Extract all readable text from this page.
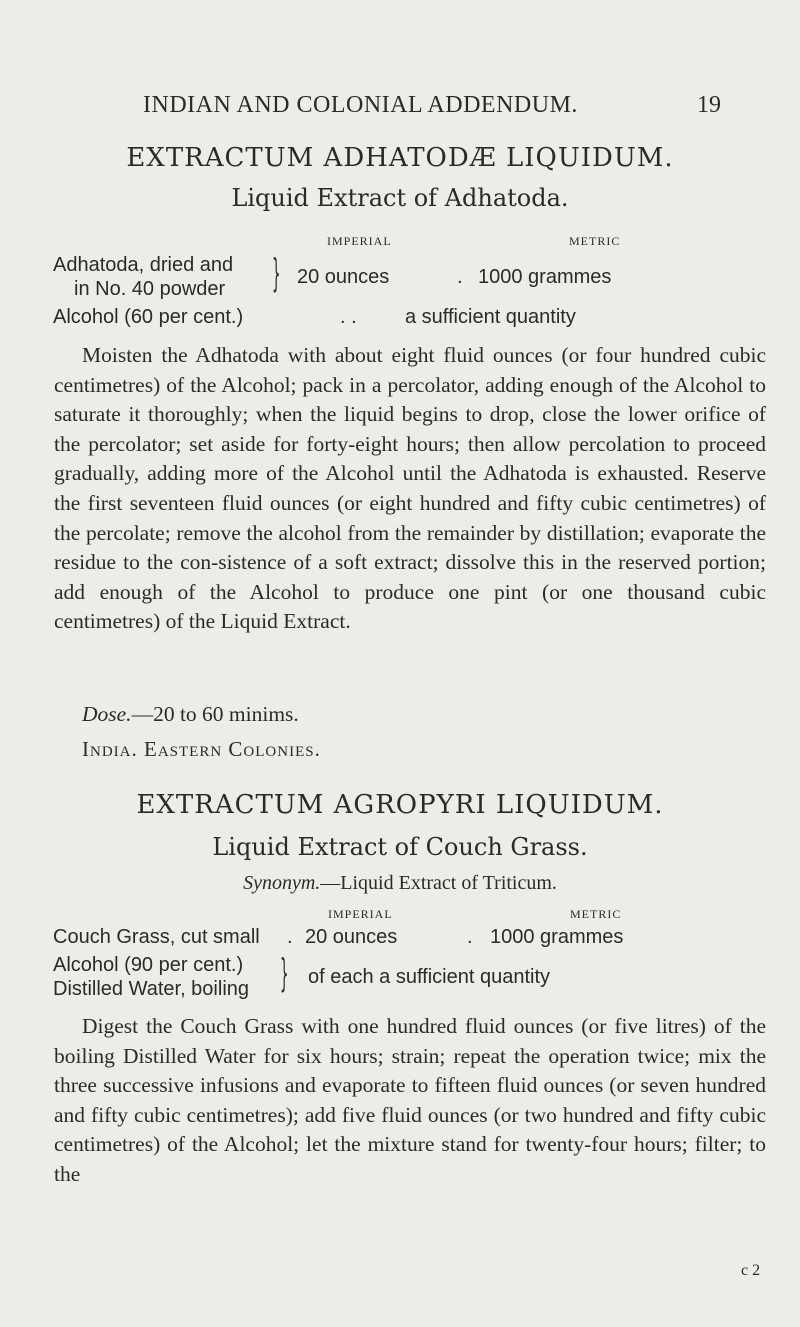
INDIAN AND COLONIAL ADDENDUM.	19
EXTRACTUM ADHATODÆ LIQUIDUM.
Liquid Extract of Adhatoda.
IMPERIAL	METRIC
Adhatoda, dried and
in No. 40 powder } 20 ounces	. 1000 grammes
Alcohol (60 per cent.)	. . a sufficient quantity
Moisten the Adhatoda with about eight fluid ounces (or four hundred cubic centimetres) of the Alcohol; pack in a percolator, adding enough of the Alcohol to saturate it thoroughly; when the liquid begins to drop, close the lower orifice of the percolator; set aside for forty-eight hours; then allow percolation to proceed gradually, adding more of the Alcohol until the Adhatoda is exhausted. Reserve the first seventeen fluid ounces (or eight hundred and fifty cubic centimetres) of the percolate; remove the alcohol from the remainder by distillation; evaporate the residue to the con-sistence of a soft extract; dissolve this in the reserved portion; add enough of the Alcohol to produce one pint (or one thousand cubic centimetres) of the Liquid Extract.
Dose.—20 to 60 minims.
India. Eastern Colonies.
EXTRACTUM AGROPYRI LIQUIDUM.
Liquid Extract of Couch Grass.
Synonym.—Liquid Extract of Triticum.
IMPERIAL	METRIC
Couch Grass, cut small . 20 ounces	. 1000 grammes
Alcohol (90 per cent.)
Distilled Water, boiling } of each a sufficient quantity
Digest the Couch Grass with one hundred fluid ounces (or five litres) of the boiling Distilled Water for six hours; strain; repeat the operation twice; mix the three successive infusions and evaporate to fifteen fluid ounces (or seven hundred and fifty cubic centimetres); add five fluid ounces (or two hundred and fifty cubic centimetres) of the Alcohol; let the mixture stand for twenty-four hours; filter; to the
c 2
